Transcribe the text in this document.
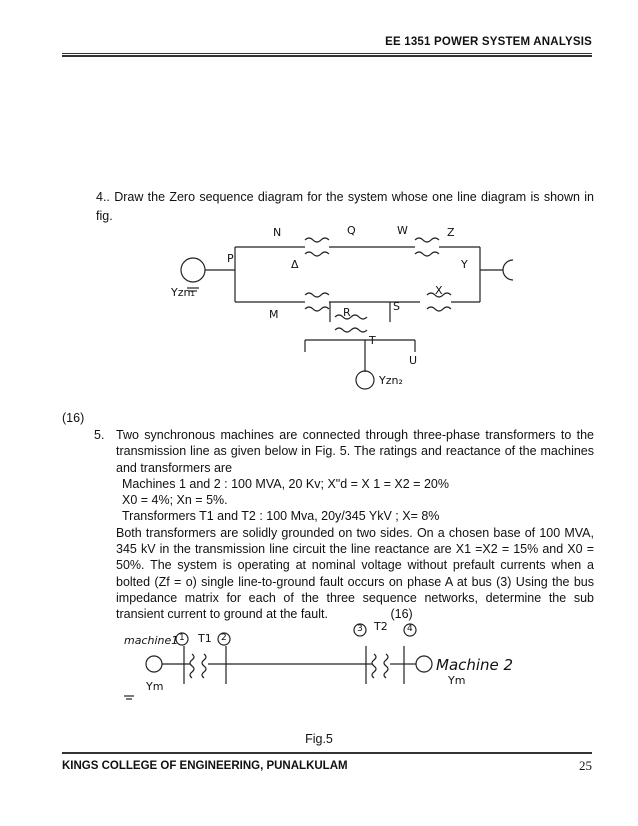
EE 1351 POWER SYSTEM ANALYSIS
4.. Draw the Zero sequence diagram for the system whose one line diagram is shown in fig.
N	Q	W	Z
P
M	R	S
X
T
U
Δ	Y
Yzn₁
Yzn₂
(16)
5. Two synchronous machines are connected through three-phase transformers to the transmission line as given below in Fig. 5. The ratings and reactance of the machines and transformers are
Machines 1 and 2 : 100 MVA, 20 Kv; X"d = X 1 = X2 = 20%
X0 = 4%; Xn = 5%.
Transformers T1 and T2 : 100 Mva, 20y/345 YkV ; X= 8%
Both transformers are solidly grounded on two sides. On a chosen base of 100 MVA, 345 kV in the transmission line circuit the line reactance are X1 =X2 = 15% and X0 = 50%. The system is operating at nominal voltage without prefault currents when a bolted (Zf = o) single line-to-ground fault occurs on phase A at bus (3) Using the bus impedance matrix for each of the three sequence networks, determine the sub transient current to ground at the fault.	(16)
machine1 1 T1 2
3 T2 4
Machine 2
Ym	Ym
Fig.5
KINGS COLLEGE OF ENGINEERING, PUNALKULAM	25
